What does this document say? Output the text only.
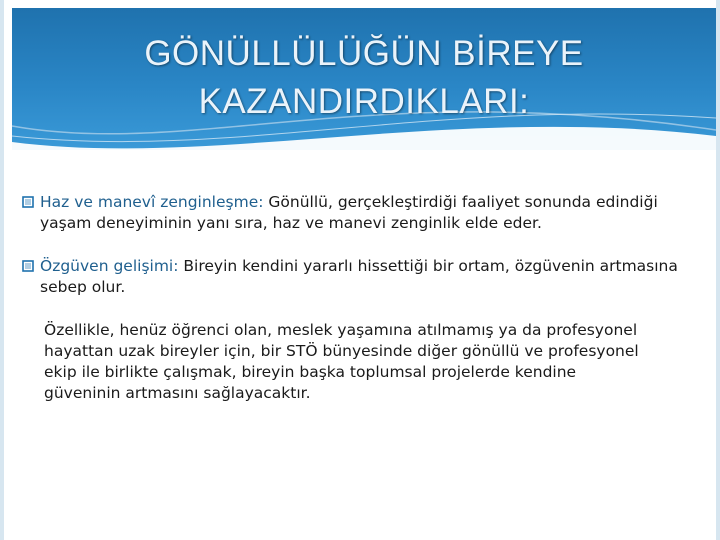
GÖNÜLLÜLÜĞÜN BİREYE
KAZANDIRDIKLARI:
Haz ve manevî zenginleşme: Gönüllü, gerçekleştirdiği faaliyet sonunda edindiği yaşam deneyiminin yanı sıra, haz ve manevi zenginlik elde eder.
Özgüven gelişimi: Bireyin kendini yararlı hissettiği bir ortam, özgüvenin artmasına sebep olur.
Özellikle, henüz öğrenci olan, meslek yaşamına atılmamış ya da profesyonel hayattan uzak bireyler için, bir STÖ bünyesinde diğer gönüllü ve profesyonel ekip ile birlikte çalışmak, bireyin başka toplumsal projelerde kendine güveninin artmasını sağlayacaktır.
